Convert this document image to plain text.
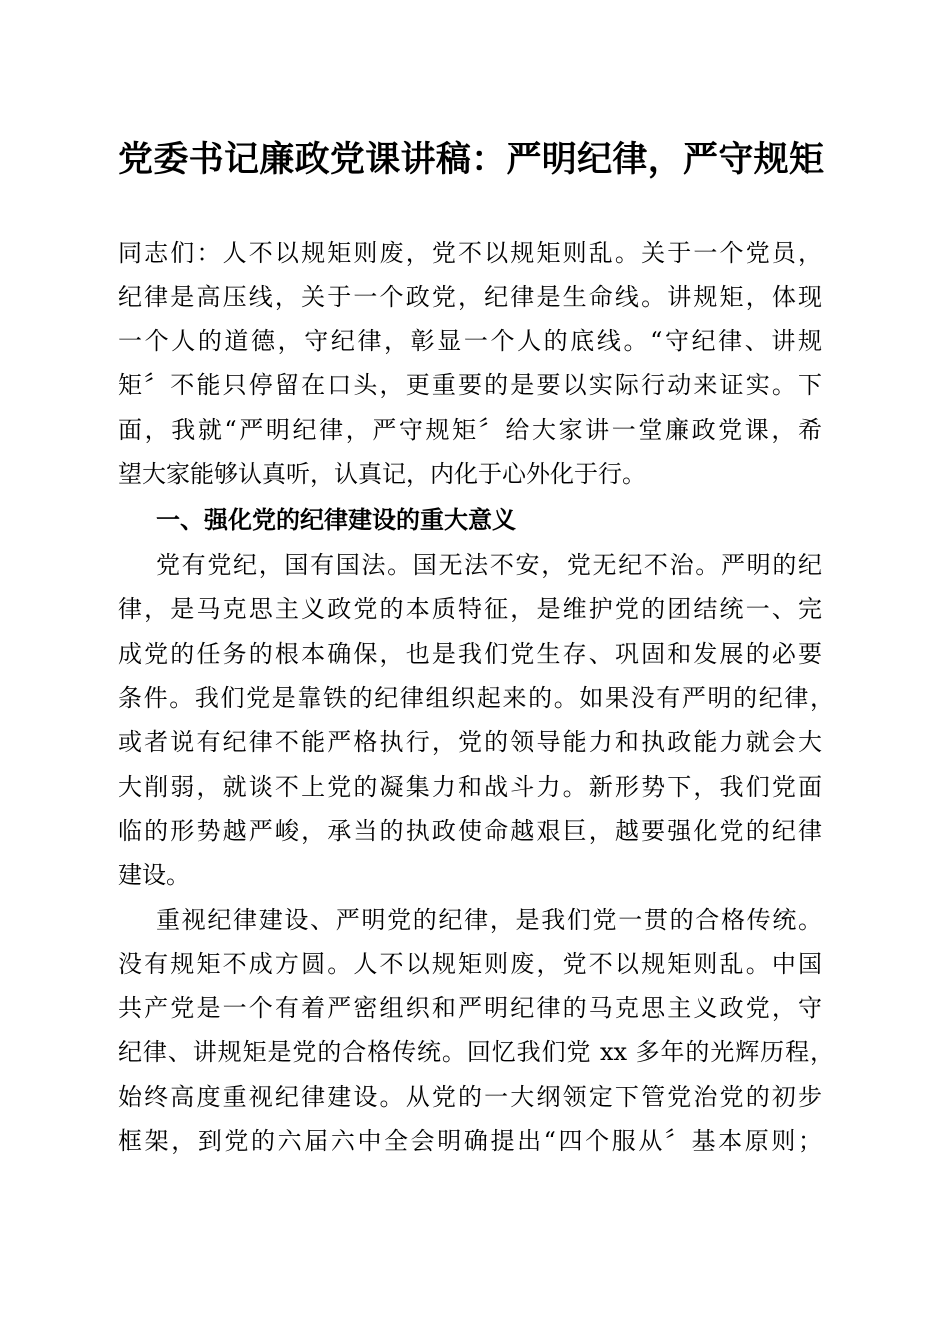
党委书记廉政党课讲稿：严明纪律，严守规矩
同志们：人不以规矩则废，党不以规矩则乱。关于一个党员，
纪律是高压线，关于一个政党，纪律是生命线。讲规矩，体现
一个人的道德，守纪律，彰显一个人的底线。“守纪律、讲规
矩〞不能只停留在口头，更重要的是要以实际行动来证实。下
面，我就“严明纪律，严守规矩〞给大家讲一堂廉政党课，希
望大家能够认真听，认真记，内化于心外化于行。
一、强化党的纪律建设的重大意义
党有党纪，国有国法。国无法不安，党无纪不治。严明的纪
律，是马克思主义政党的本质特征，是维护党的团结统一、完
成党的任务的根本确保，也是我们党生存、巩固和发展的必要
条件。我们党是靠铁的纪律组织起来的。如果没有严明的纪律，
或者说有纪律不能严格执行，党的领导能力和执政能力就会大
大削弱，就谈不上党的凝集力和战斗力。新形势下，我们党面
临的形势越严峻，承当的执政使命越艰巨，越要强化党的纪律
建设。
重视纪律建设、严明党的纪律，是我们党一贯的合格传统。
没有规矩不成方圆。人不以规矩则废，党不以规矩则乱。中国
共产党是一个有着严密组织和严明纪律的马克思主义政党，守
纪律、讲规矩是党的合格传统。回忆我们党 xx 多年的光辉历程，
始终高度重视纪律建设。从党的一大纲领定下管党治党的初步
框架，到党的六届六中全会明确提出“四个服从〞基本原则；
